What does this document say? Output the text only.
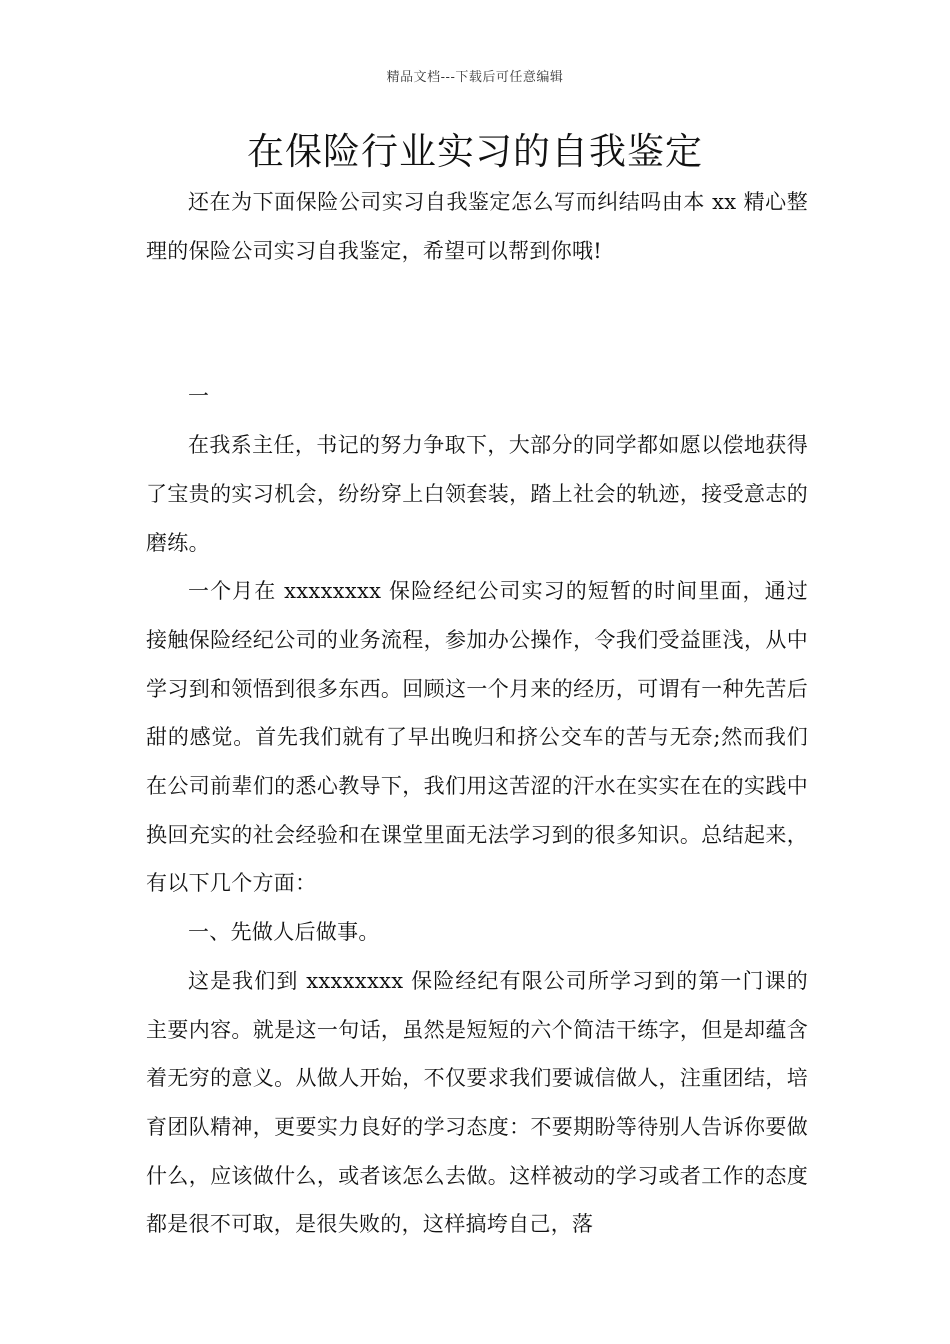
精品文档---下载后可任意编辑
在保险行业实习的自我鉴定

还在为下面保险公司实习自我鉴定怎么写而纠结吗由本 xx 精心整理的保险公司实习自我鉴定，希望可以帮到你哦!

一

在我系主任，书记的努力争取下，大部分的同学都如愿以偿地获得了宝贵的实习机会，纷纷穿上白领套装，踏上社会的轨迹，接受意志的磨练。

一个月在 xxxxxxxx 保险经纪公司实习的短暂的时间里面，通过接触保险经纪公司的业务流程，参加办公操作，令我们受益匪浅，从中学习到和领悟到很多东西。回顾这一个月来的经历，可谓有一种先苦后甜的感觉。首先我们就有了早出晚归和挤公交车的苦与无奈;然而我们在公司前辈们的悉心教导下，我们用这苦涩的汗水在实实在在的实践中换回充实的社会经验和在课堂里面无法学习到的很多知识。总结起来，有以下几个方面：

一、先做人后做事。

这是我们到 xxxxxxxx 保险经纪有限公司所学习到的第一门课的主要内容。就是这一句话，虽然是短短的六个简洁干练字，但是却蕴含着无穷的意义。从做人开始，不仅要求我们要诚信做人，注重团结，培育团队精神，更要实力良好的学习态度：不要期盼等待别人告诉你要做什么，应该做什么，或者该怎么去做。这样被动的学习或者工作的态度都是很不可取，是很失败的，这样搞垮自己，落
